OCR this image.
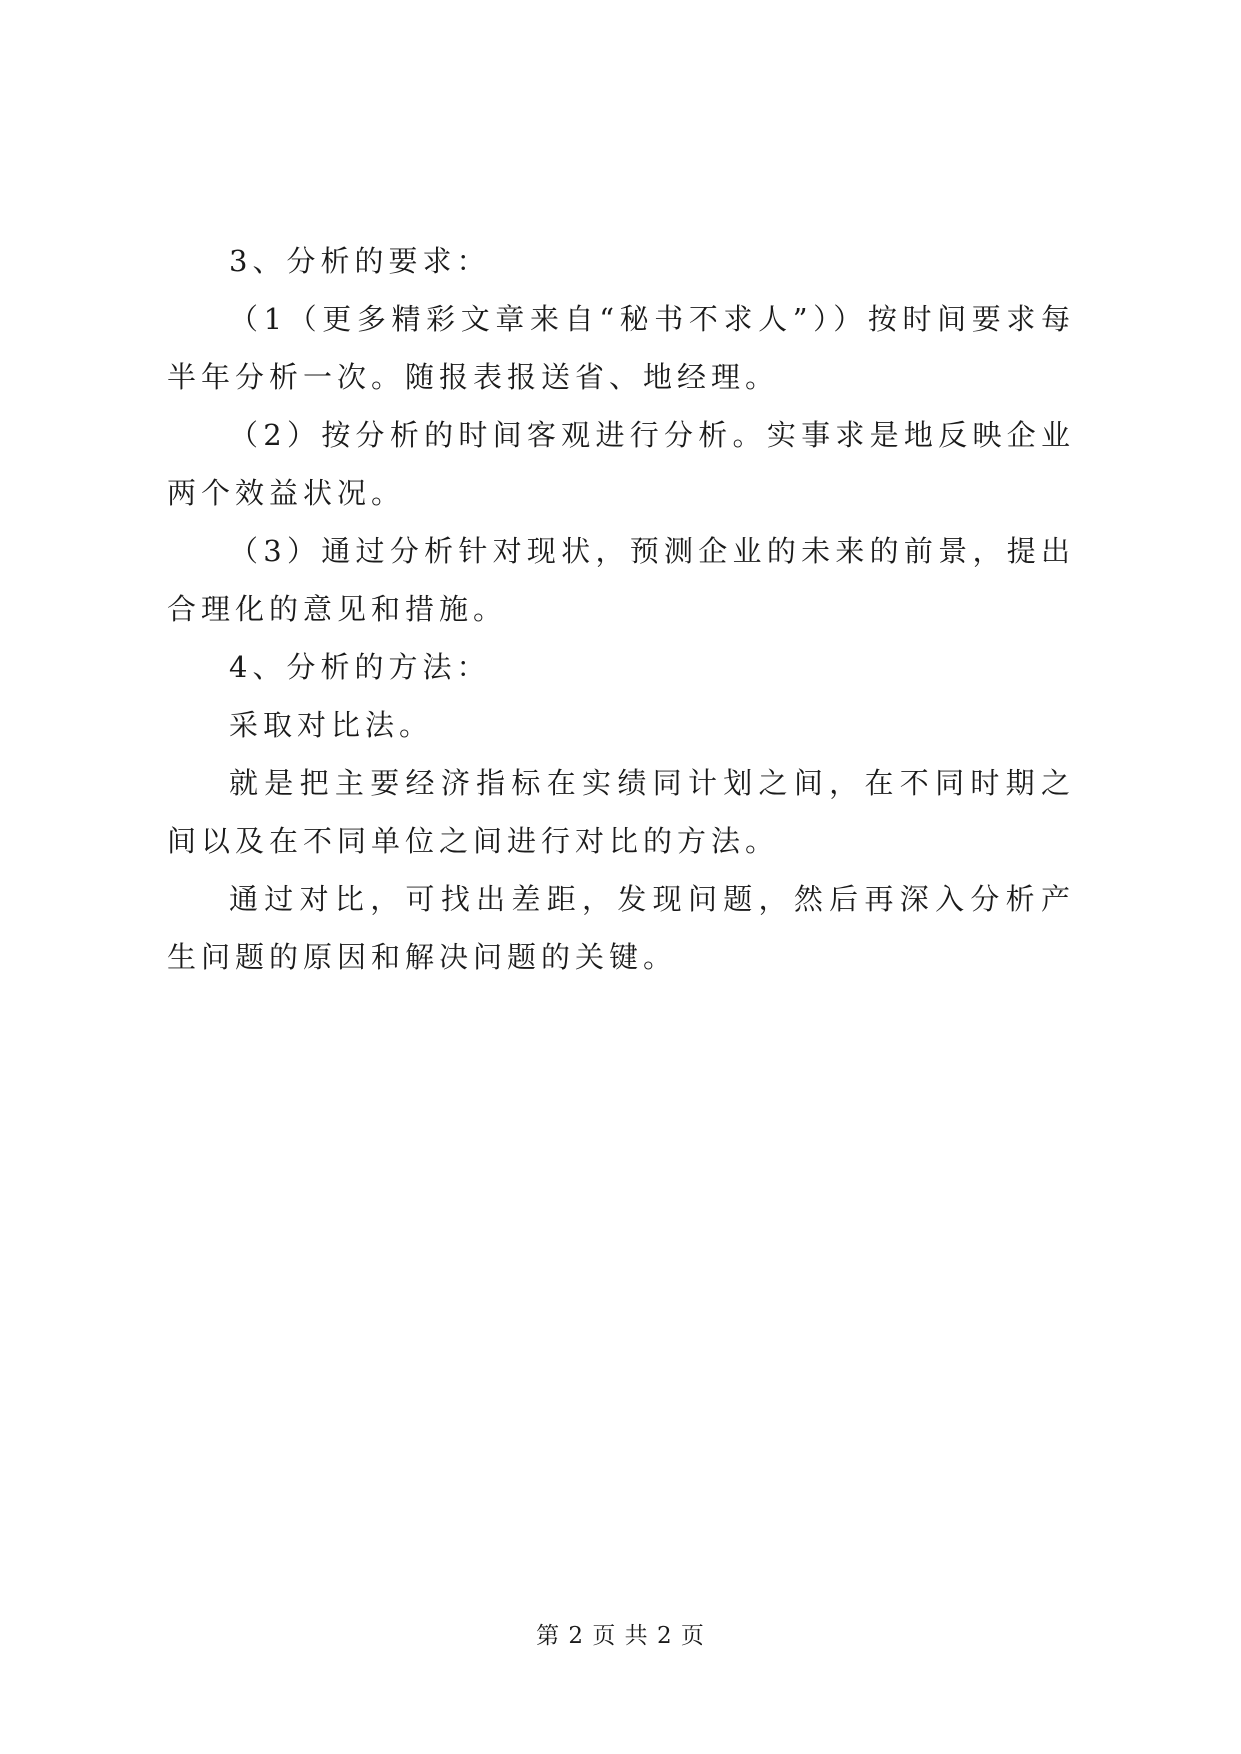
3、分析的要求：

（1（更多精彩文章来自“秘书不求人”））按时间要求每半年分析一次。随报表报送省、地经理。

（2）按分析的时间客观进行分析。实事求是地反映企业两个效益状况。

（3）通过分析针对现状，预测企业的未来的前景，提出合理化的意见和措施。

4、分析的方法：

采取对比法。

就是把主要经济指标在实绩同计划之间，在不同时期之间以及在不同单位之间进行对比的方法。

通过对比，可找出差距，发现问题，然后再深入分析产生问题的原因和解决问题的关键。

第 2 页 共 2 页
